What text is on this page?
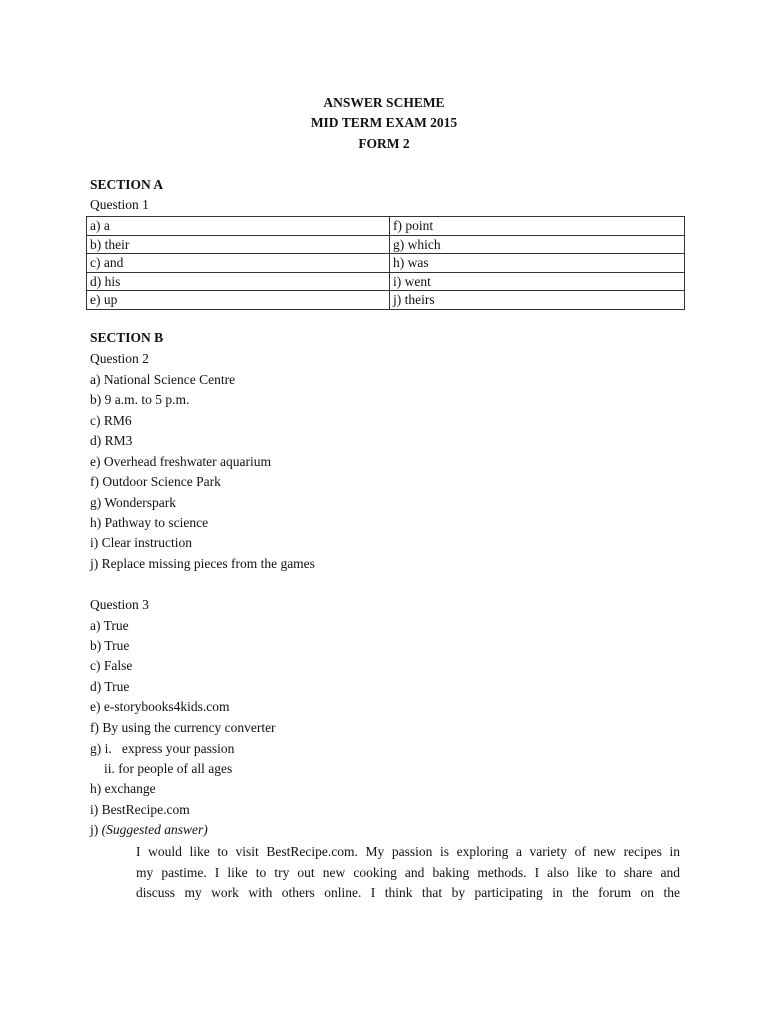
ANSWER SCHEME
MID TERM EXAM 2015
FORM 2
SECTION A
Question 1
a) a	f) point
b) their	g) which
c) and	h) was
d) his	i) went
e) up	j) theirs
SECTION B
Question 2
a) National Science Centre
b) 9 a.m. to 5 p.m.
c) RM6
d) RM3
e) Overhead freshwater aquarium
f) Outdoor Science Park
g) Wonderspark
h) Pathway to science
i) Clear instruction
j) Replace missing pieces from the games
Question 3
a) True
b) True
c) False
d) True
e) e-storybooks4kids.com
f) By using the currency converter
g) i.   express your passion
ii. for people of all ages
h) exchange
i) BestRecipe.com
j) (Suggested answer)
I would like to visit BestRecipe.com. My passion is exploring a variety of new recipes in
my pastime. I like to try out new cooking and baking methods. I also like to share and
discuss my work with others online. I think that by participating in the forum on the
